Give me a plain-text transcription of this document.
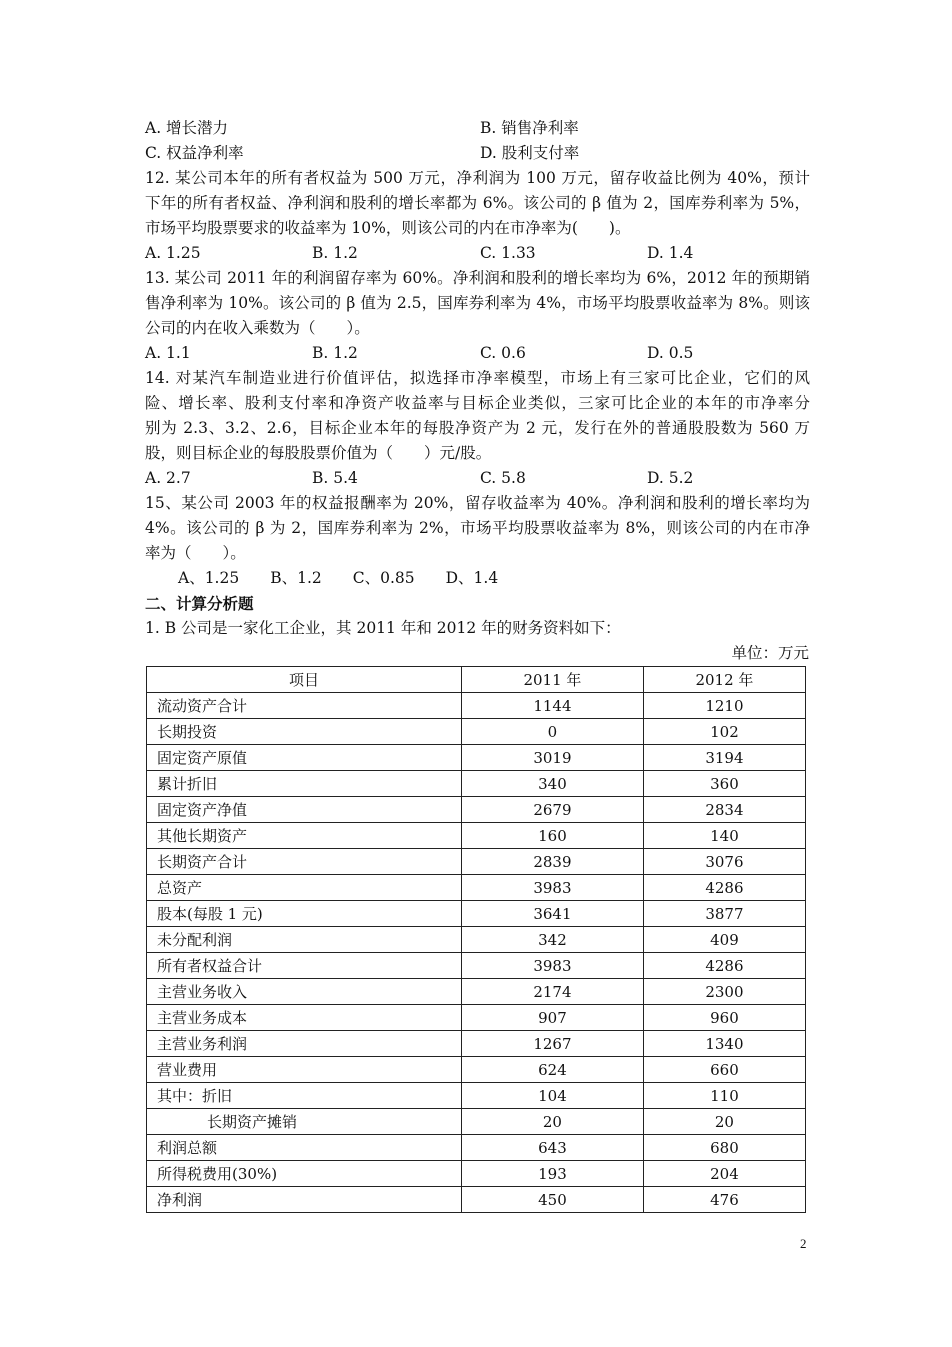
A. 增长潜力	B. 销售净利率
C. 权益净利率	D. 股利支付率
12. 某公司本年的所有者权益为 500 万元，净利润为 100 万元，留存收益比例为 40%，预计
下年的所有者权益、净利润和股利的增长率都为 6%。该公司的 β 值为 2，国库券利率为 5%，
市场平均股票要求的收益率为 10%，则该公司的内在市净率为(　　)。
A. 1.25	B. 1.2	C. 1.33	D. 1.4
13. 某公司 2011 年的利润留存率为 60%。净利润和股利的增长率均为 6%，2012 年的预期销
售净利率为 10%。该公司的 β 值为 2.5，国库券利率为 4%，市场平均股票收益率为 8%。则该
公司的内在收入乘数为（　　）。
A. 1.1	B. 1.2	C. 0.6	D. 0.5
14. 对某汽车制造业进行价值评估，拟选择市净率模型，市场上有三家可比企业，它们的风
险、增长率、股利支付率和净资产收益率与目标企业类似，三家可比企业的本年的市净率分
别为 2.3、3.2、2.6，目标企业本年的每股净资产为 2 元，发行在外的普通股股数为 560 万
股，则目标企业的每股股票价值为（　　）元/股。
A. 2.7	B. 5.4	C. 5.8	D. 5.2
15、某公司 2003 年的权益报酬率为 20%，留存收益率为 40%。净利润和股利的增长率均为
4%。该公司的 β 为 2，国库券利率为 2%，市场平均股票收益率为 8%，则该公司的内在市净
率为（　　）。
A、1.25　　B、1.2　　C、0.85　　D、1.4
二、计算分析题
1. B 公司是一家化工企业，其 2011 年和 2012 年的财务资料如下：
单位：万元
项目	2011 年	2012 年
流动资产合计	1144	1210
长期投资	0	102
固定资产原值	3019	3194
累计折旧	340	360
固定资产净值	2679	2834
其他长期资产	160	140
长期资产合计	2839	3076
总资产	3983	4286
股本(每股 1 元)	3641	3877
未分配利润	342	409
所有者权益合计	3983	4286
主营业务收入	2174	2300
主营业务成本	907	960
主营业务利润	1267	1340
营业费用	624	660
其中：折旧	104	110
长期资产摊销	20	20
利润总额	643	680
所得税费用(30%)	193	204
净利润	450	476
2
